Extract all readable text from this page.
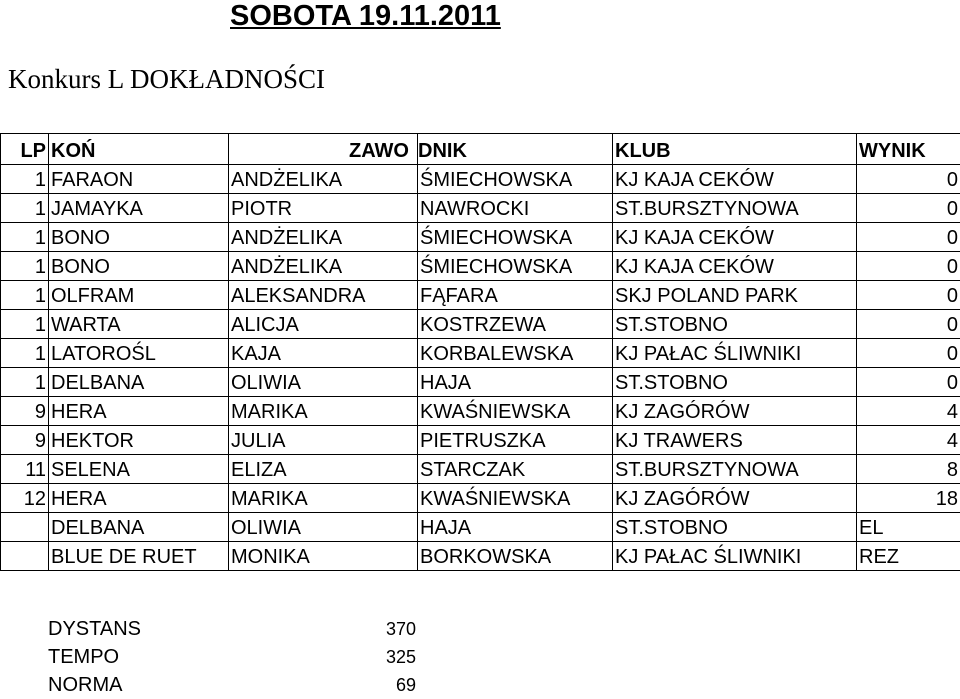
SOBOTA 19.11.2011
Konkurs L DOKŁADNOŚCI
LP	KOŃ	ZAWO	DNIK	KLUB	WYNIK
1	FARAON	ANDŻELIKA	ŚMIECHOWSKA	KJ KAJA CEKÓW	0
1	JAMAYKA	PIOTR	NAWROCKI	ST.BURSZTYNOWA	0
1	BONO	ANDŻELIKA	ŚMIECHOWSKA	KJ KAJA CEKÓW	0
1	BONO	ANDŻELIKA	ŚMIECHOWSKA	KJ KAJA CEKÓW	0
1	OLFRAM	ALEKSANDRA	FĄFARA	SKJ POLAND PARK	0
1	WARTA	ALICJA	KOSTRZEWA	ST.STOBNO	0
1	LATOROŚL	KAJA	KORBALEWSKA	KJ PAŁAC ŚLIWNIKI	0
1	DELBANA	OLIWIA	HAJA	ST.STOBNO	0
9	HERA	MARIKA	KWAŚNIEWSKA	KJ ZAGÓRÓW	4
9	HEKTOR	JULIA	PIETRUSZKA	KJ TRAWERS	4
11	SELENA	ELIZA	STARCZAK	ST.BURSZTYNOWA	8
12	HERA	MARIKA	KWAŚNIEWSKA	KJ ZAGÓRÓW	18
	DELBANA	OLIWIA	HAJA	ST.STOBNO	EL
	BLUE DE RUET	MONIKA	BORKOWSKA	KJ PAŁAC ŚLIWNIKI	REZ
DYSTANS	370
TEMPO	325
NORMA	69
